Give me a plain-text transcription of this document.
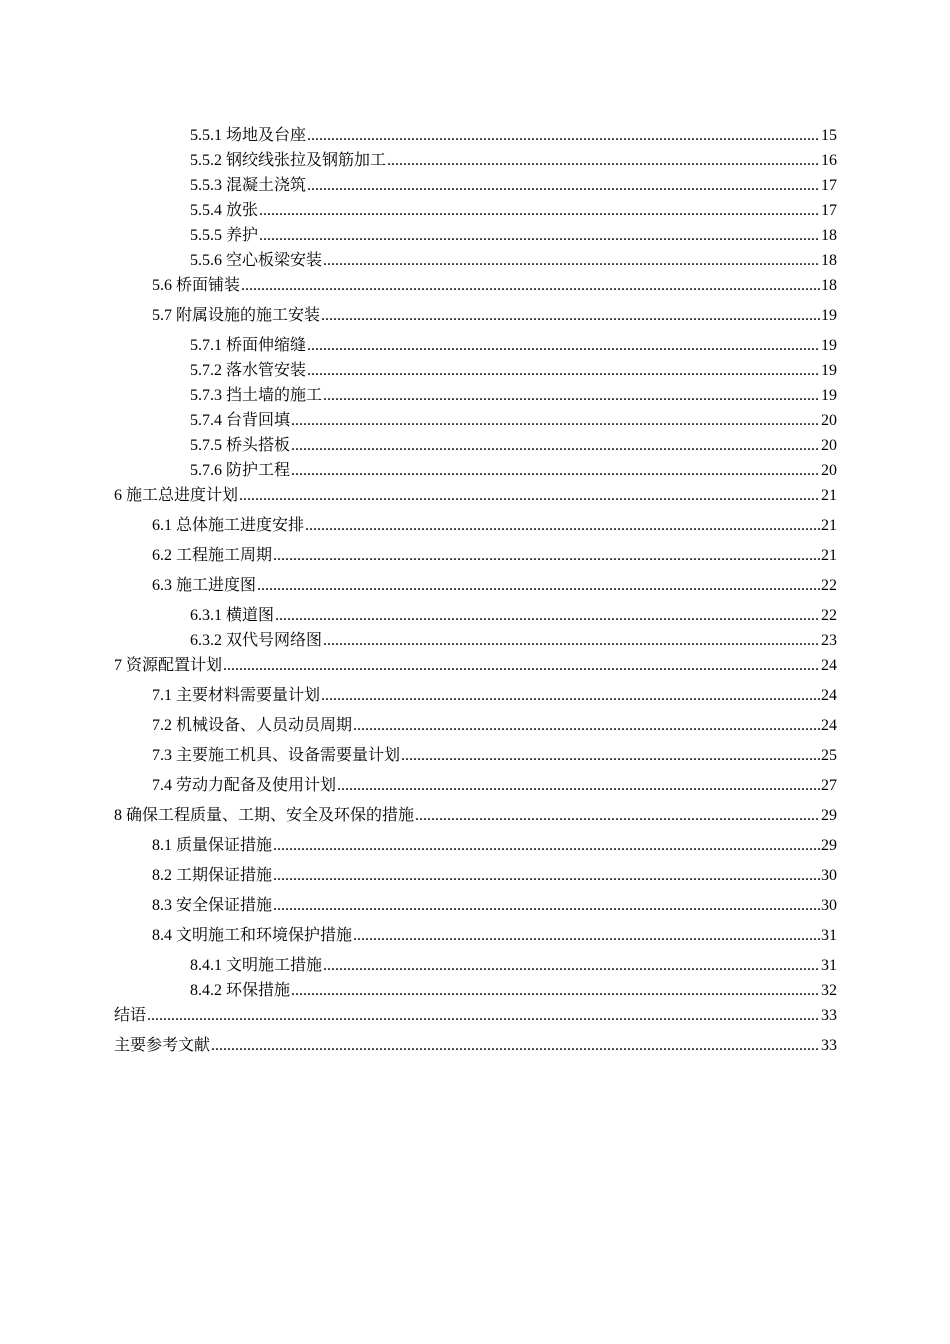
5.5.1 场地及台座 .....	15
5.5.2 钢绞线张拉及钢筋加工 .....	16
5.5.3 混凝土浇筑 .....	17
5.5.4 放张 .....	17
5.5.5 养护 .....	18
5.5.6 空心板梁安装 .....	18
5.6 桥面铺装 .....	18
5.7 附属设施的施工安装 .....	19
5.7.1 桥面伸缩缝 .....	19
5.7.2 落水管安装 .....	19
5.7.3 挡土墙的施工 .....	19
5.7.4 台背回填 .....	20
5.7.5 桥头搭板 .....	20
5.7.6 防护工程 .....	20
6 施工总进度计划 .....	21
6.1 总体施工进度安排 .....	21
6.2 工程施工周期 .....	21
6.3 施工进度图 .....	22
6.3.1 横道图 .....	22
6.3.2 双代号网络图 .....	23
7 资源配置计划 .....	24
7.1 主要材料需要量计划 .....	24
7.2 机械设备、人员动员周期 .....	24
7.3 主要施工机具、设备需要量计划 .....	25
7.4 劳动力配备及使用计划 .....	27
8 确保工程质量、工期、安全及环保的措施 .....	29
8.1 质量保证措施 .....	29
8.2 工期保证措施 .....	30
8.3 安全保证措施 .....	30
8.4 文明施工和环境保护措施 .....	31
8.4.1 文明施工措施 .....	31
8.4.2 环保措施 .....	32
结语 .....	33
主要参考文献 .....	33
